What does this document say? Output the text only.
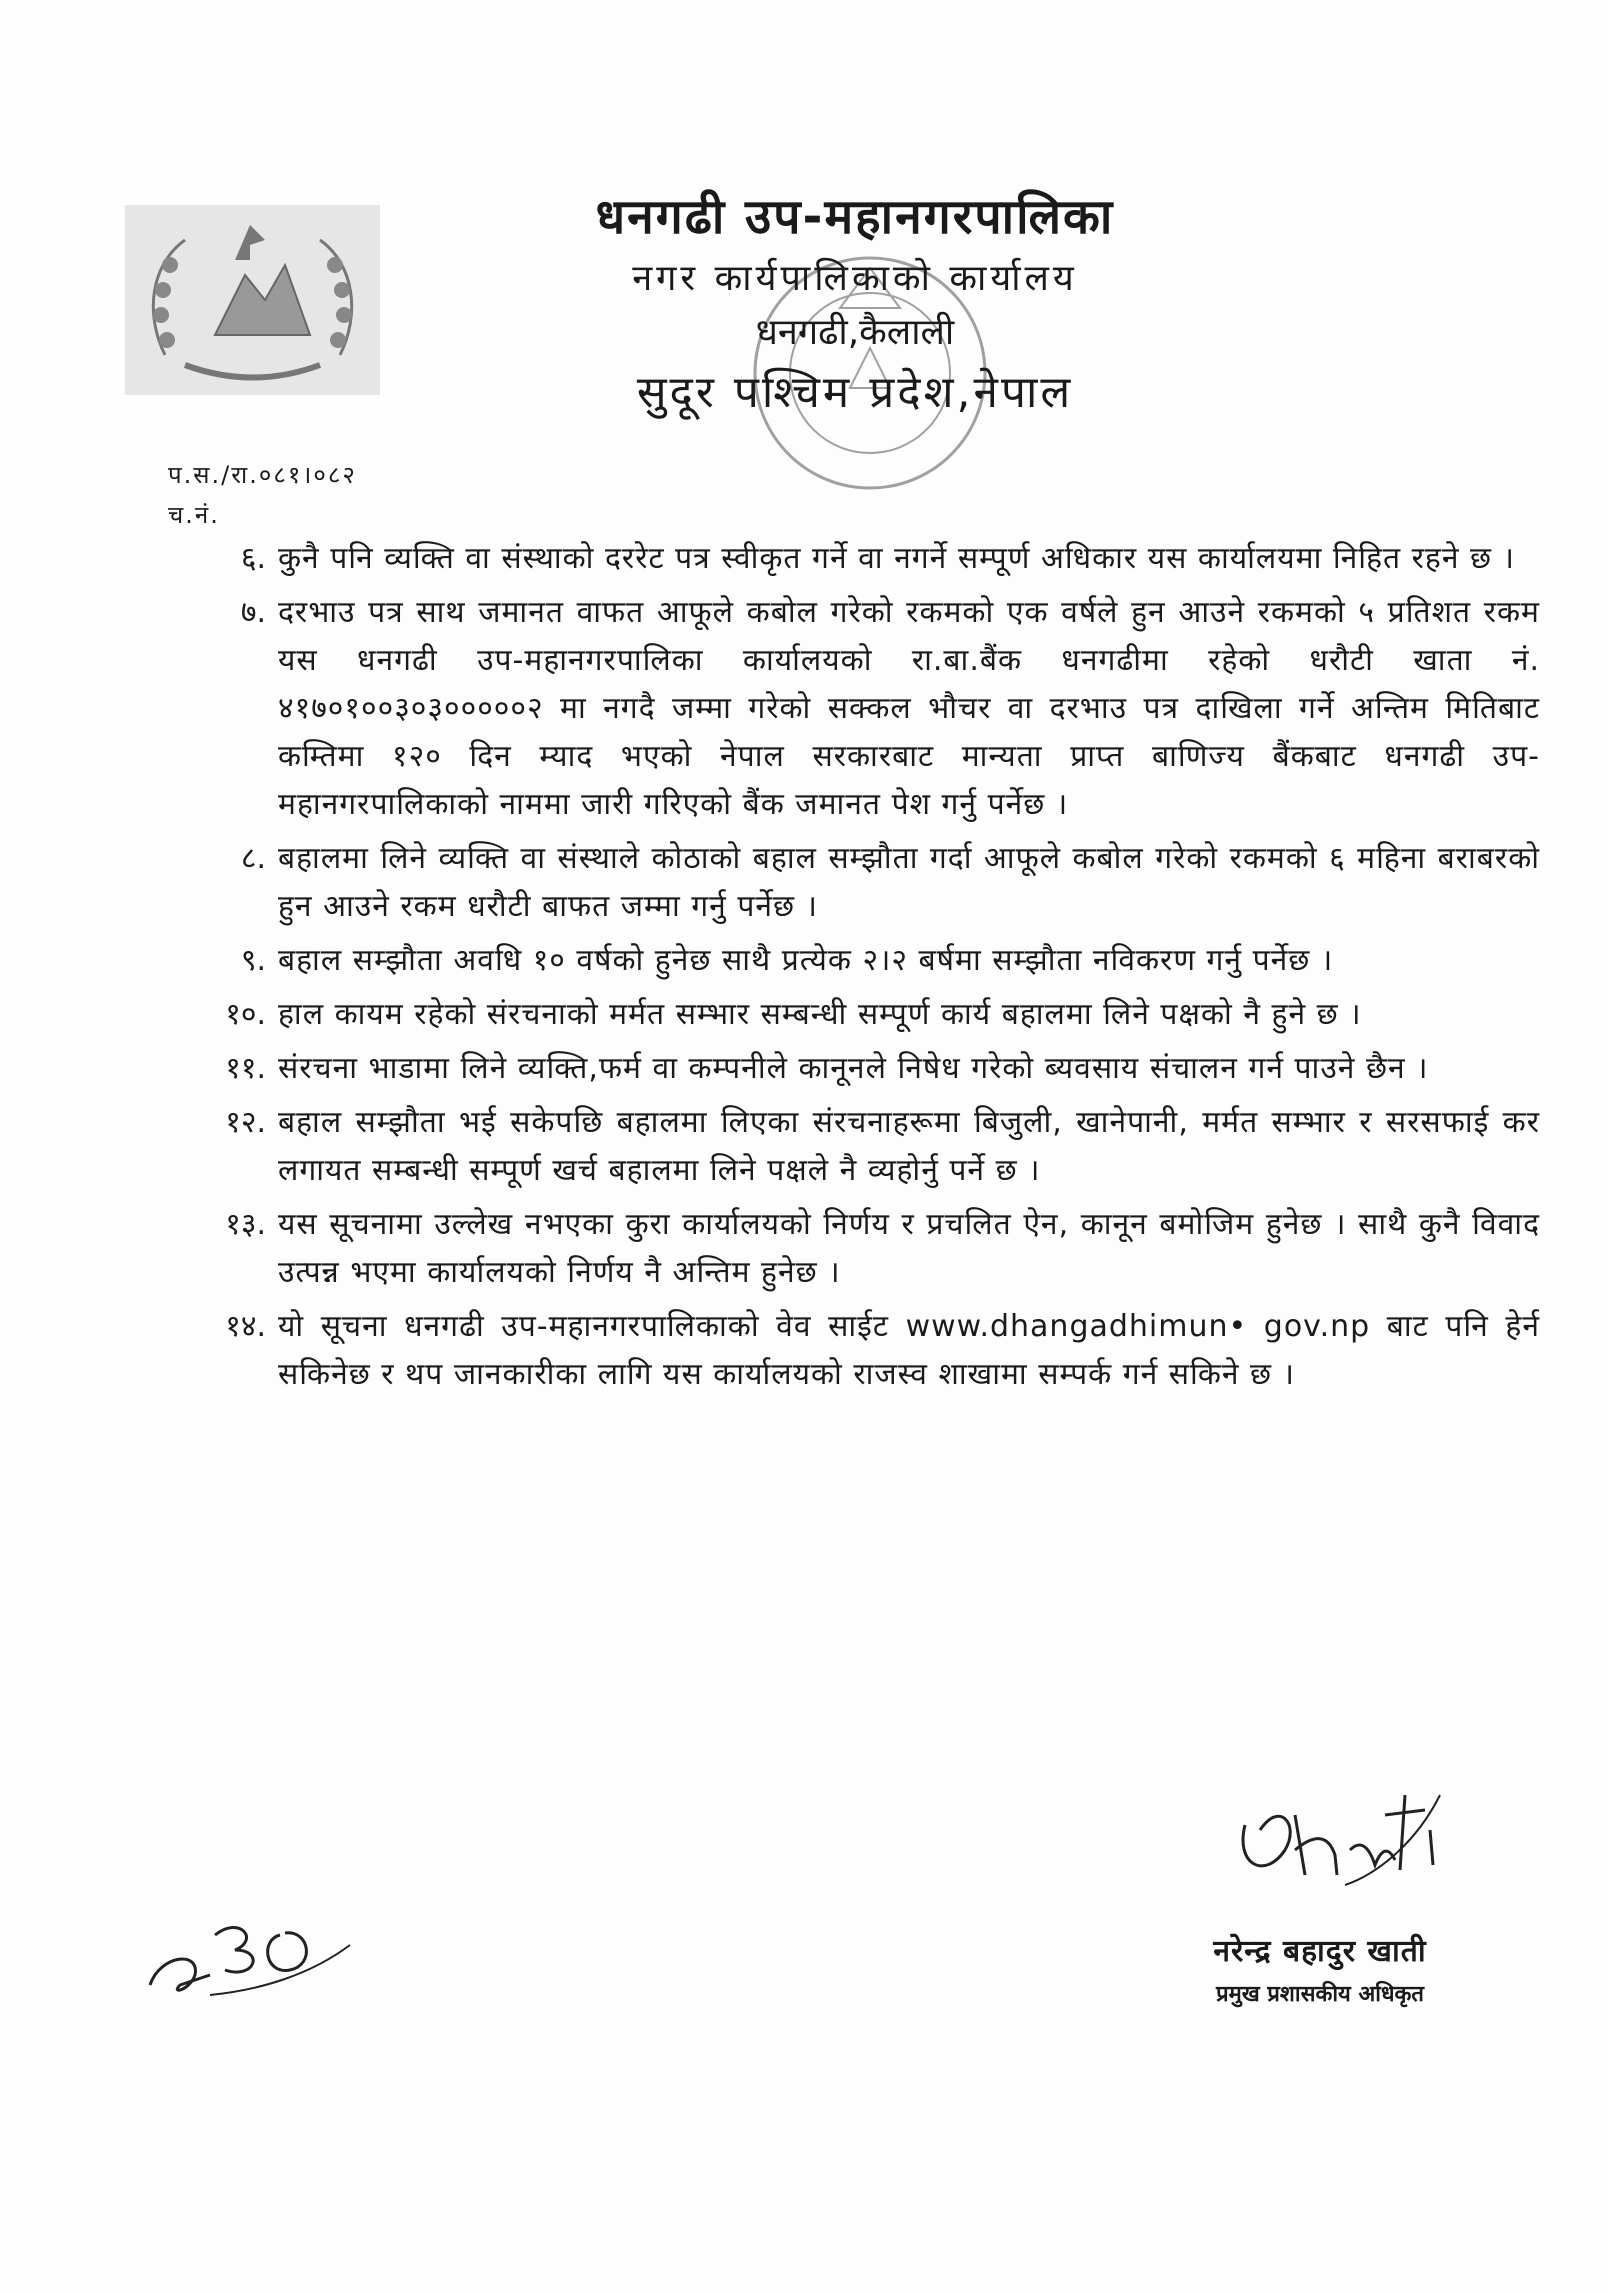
धनगढी उप-महानगरपालिका

नगर कार्यपालिकाको कार्यालय

धनगढी,कैलाली

सुदूर पश्चिम प्रदेश,नेपाल

प.स./रा.०८१।०८२
च.नं.
६. कुनै पनि व्यक्ति वा संस्थाको दररेट पत्र स्वीकृत गर्ने वा नगर्ने सम्पूर्ण अधिकार यस कार्यालयमा निहित रहने छ ।
७. दरभाउ पत्र साथ जमानत वाफत आफूले कबोल गरेको रकमको एक वर्षले हुन आउने रकमको ५ प्रतिशत रकम यस धनगढी उप-महानगरपालिका कार्यालयको रा.बा.बैंक धनगढीमा रहेको धरौटी खाता नं. ४१७०१००३०३०००००२ मा नगदै जम्मा गरेको सक्कल भौचर वा दरभाउ पत्र दाखिला गर्ने अन्तिम मितिबाट कम्तिमा १२० दिन म्याद भएको नेपाल सरकारबाट मान्यता प्राप्त बाणिज्य बैंकबाट धनगढी उप-महानगरपालिकाको नाममा जारी गरिएको बैंक जमानत पेश गर्नु पर्नेछ ।
८. बहालमा लिने व्यक्ति वा संस्थाले कोठाको बहाल सम्झौता गर्दा आफूले कबोल गरेको रकमको ६ महिना बराबरको हुन आउने रकम धरौटी बाफत जम्मा गर्नु पर्नेछ ।
९. बहाल सम्झौता अवधि १० वर्षको हुनेछ साथै प्रत्येक २।२ बर्षमा सम्झौता नविकरण गर्नु पर्नेछ ।
१०. हाल कायम रहेको संरचनाको मर्मत सम्भार सम्बन्धी सम्पूर्ण कार्य बहालमा लिने पक्षको नै हुने छ ।
११. संरचना भाडामा लिने व्यक्ति,फर्म वा कम्पनीले कानूनले निषेध गरेको ब्यवसाय संचालन गर्न पाउने छैन ।
१२. बहाल सम्झौता भई सकेपछि बहालमा लिएका संरचनाहरूमा बिजुली, खानेपानी, मर्मत सम्भार र सरसफाई कर लगायत सम्बन्धी सम्पूर्ण खर्च बहालमा लिने पक्षले नै व्यहोर्नु पर्ने छ ।
१३. यस सूचनामा उल्लेख नभएका कुरा कार्यालयको निर्णय र प्रचलित ऐन, कानून बमोजिम हुनेछ । साथै कुनै विवाद उत्पन्न भएमा कार्यालयको निर्णय नै अन्तिम हुनेछ ।
१४. यो सूचना धनगढी उप-महानगरपालिकाको वेव साईट www.dhangadhimun• gov.np बाट पनि हेर्न सकिनेछ र थप जानकारीका लागि यस कार्यालयको राजस्व शाखामा सम्पर्क गर्न सकिने छ ।

नरेन्द्र बहादुर खाती

प्रमुख प्रशासकीय अधिकृत
